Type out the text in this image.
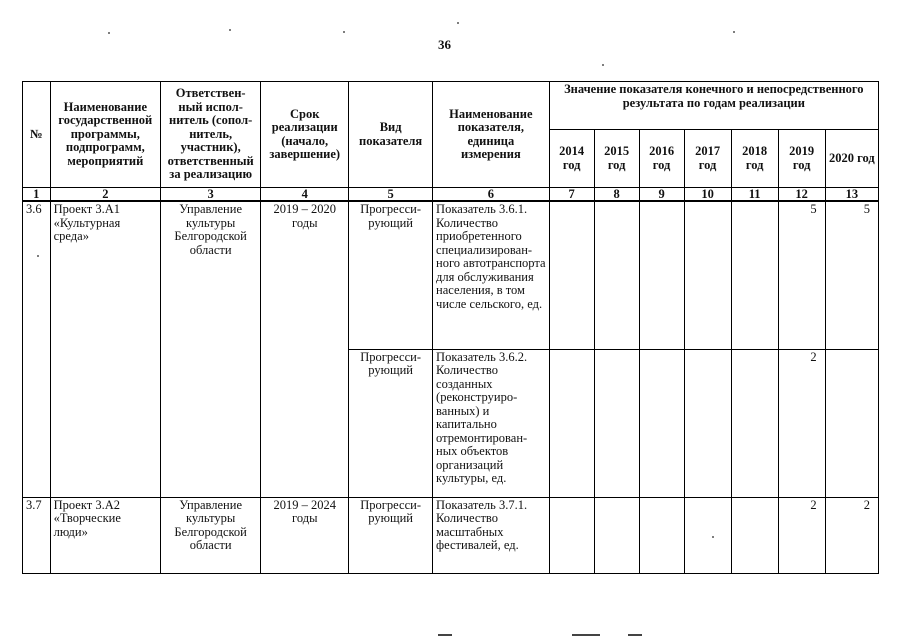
36
№	Наименование государственной программы, подпрограмм, мероприятий	Ответствен-ный испол-нитель (сопол-нитель, участник), ответственный за реализацию	Срок реализации (начало, завершение)	Вид показателя	Наименование показателя, единица измерения	Значение показателя конечного и непосредственного результата по годам реализации						
						2014 год	2015 год	2016 год	2017 год	2018 год	2019 год	2020 год
1	2	3	4	5	6	7	8	9	10	11	12	13
3.6	Проект 3.А1 «Культурная среда»	Управление культуры Белгородской области	2019 – 2020 годы	Прогресси-рующий	Показатель 3.6.1. Количество приобретенного специализирован-ного автотранспорта для обслуживания населения, в том числе сельского, ед.						5	5
				Прогресси-рующий	Показатель 3.6.2. Количество созданных (реконструиро-ванных) и капитально отремонтирован-ных объектов организаций культуры, ед.						2	
3.7	Проект 3.А2 «Творческие люди»	Управление культуры Белгородской области	2019 – 2024 годы	Прогресси-рующий	Показатель 3.7.1. Количество масштабных фестивалей, ед.						2	2
